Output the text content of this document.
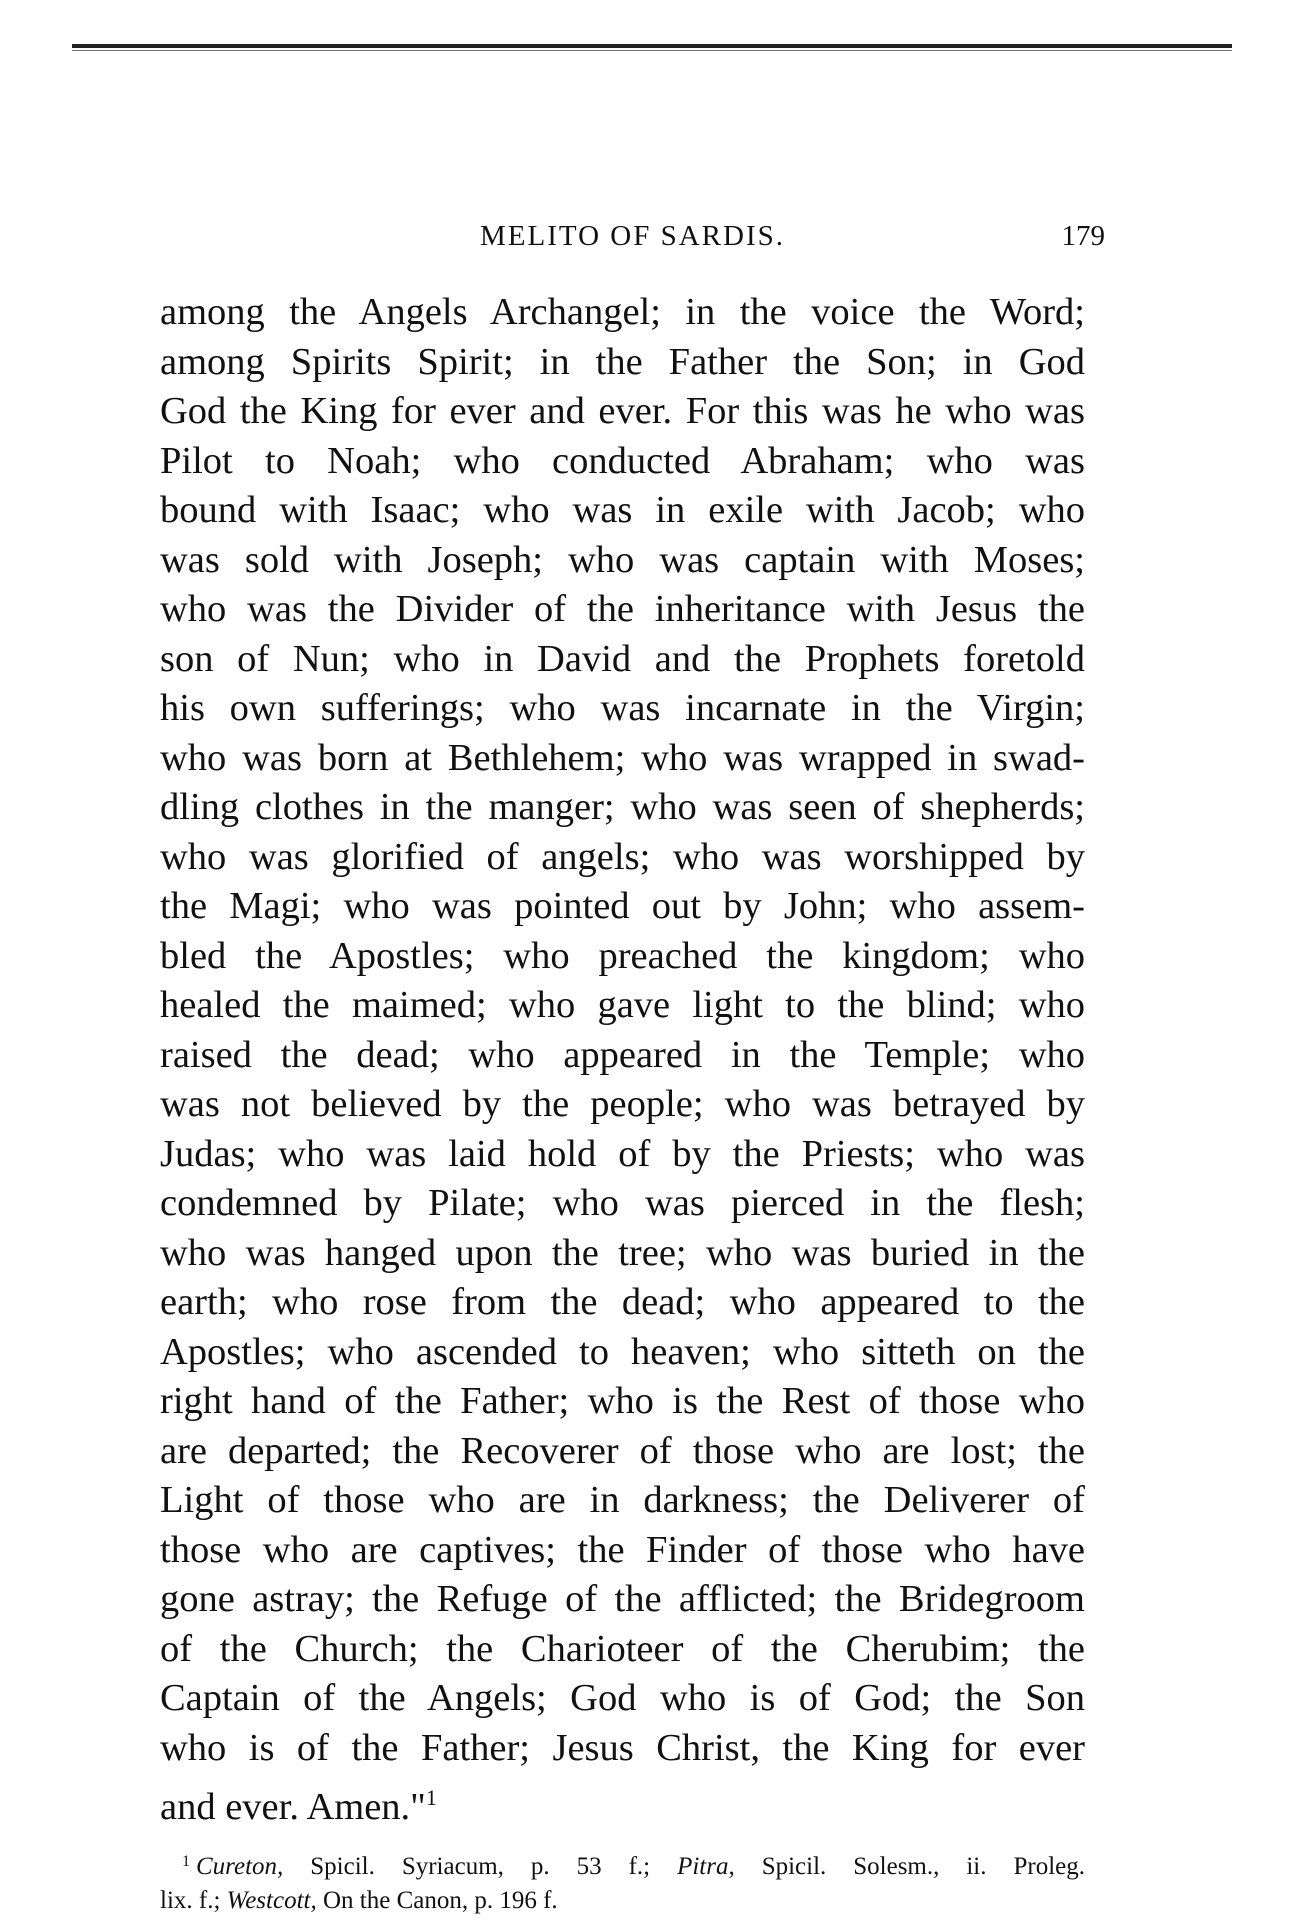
MELITO OF SARDIS.	179
among the Angels Archangel; in the voice the Word;
among Spirits Spirit; in the Father the Son; in God
God the King for ever and ever. For this was he who was
Pilot to Noah; who conducted Abraham; who was
bound with Isaac; who was in exile with Jacob; who
was sold with Joseph; who was captain with Moses;
who was the Divider of the inheritance with Jesus the
son of Nun; who in David and the Prophets foretold
his own sufferings; who was incarnate in the Virgin;
who was born at Bethlehem; who was wrapped in swad-
dling clothes in the manger; who was seen of shepherds;
who was glorified of angels; who was worshipped by
the Magi; who was pointed out by John; who assem-
bled the Apostles; who preached the kingdom; who
healed the maimed; who gave light to the blind; who
raised the dead; who appeared in the Temple; who
was not believed by the people; who was betrayed by
Judas; who was laid hold of by the Priests; who was
condemned by Pilate; who was pierced in the flesh;
who was hanged upon the tree; who was buried in the
earth; who rose from the dead; who appeared to the
Apostles; who ascended to heaven; who sitteth on the
right hand of the Father; who is the Rest of those who
are departed; the Recoverer of those who are lost; the
Light of those who are in darkness; the Deliverer of
those who are captives; the Finder of those who have
gone astray; the Refuge of the afflicted; the Bridegroom
of the Church; the Charioteer of the Cherubim; the
Captain of the Angels; God who is of God; the Son
who is of the Father; Jesus Christ, the King for ever
and ever. Amen."$^1$
$^1$ Cureton, Spicil. Syriacum, p. 53 f.; Pitra, Spicil. Solesm., ii. Proleg.
lix. f.; Westcott, On the Canon, p. 196 f.
